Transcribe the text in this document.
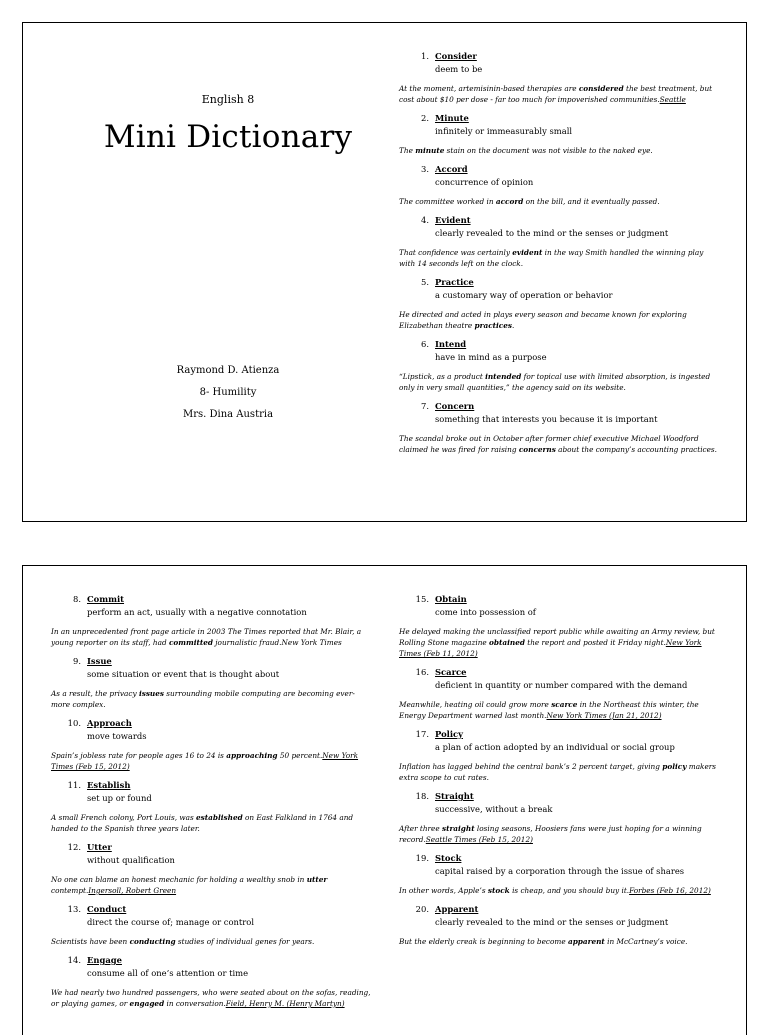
English 8
Mini Dictionary
Raymond D. Atienza
8- Humility
Mrs. Dina Austria
1. Consider
deem to be
At the moment, artemisinin-based therapies are considered the best treatment, but cost about $10 per dose - far too much for impoverished communities.Seattle
2. Minute
infinitely or immeasurably small
The minute stain on the document was not visible to the naked eye.
3. Accord
concurrence of opinion
The committee worked in accord on the bill, and it eventually passed.
4. Evident
clearly revealed to the mind or the senses or judgment
That confidence was certainly evident in the way Smith handled the winning play with 14 seconds left on the clock.
5. Practice
a customary way of operation or behavior
He directed and acted in plays every season and became known for exploring Elizabethan theatre practices.
6. Intend
have in mind as a purpose
“Lipstick, as a product intended for topical use with limited absorption, is ingested only in very small quantities,” the agency said on its website.
7. Concern
something that interests you because it is important
The scandal broke out in October after former chief executive Michael Woodford claimed he was fired for raising concerns about the company’s accounting practices.
8. Commit
perform an act, usually with a negative connotation
In an unprecedented front page article in 2003 The Times reported that Mr. Blair, a young reporter on its staff, had committed journalistic fraud.New York Times
9. Issue
some situation or event that is thought about
As a result, the privacy issues surrounding mobile computing are becoming ever-more complex.
10. Approach
move towards
Spain’s jobless rate for people ages 16 to 24 is approaching 50 percent.New York Times (Feb 15, 2012)
11. Establish
set up or found
A small French colony, Port Louis, was established on East Falkland in 1764 and handed to the Spanish three years later.
12. Utter
without qualification
No one can blame an honest mechanic for holding a wealthy snob in utter contempt.Ingersoll, Robert Green
13. Conduct
direct the course of; manage or control
Scientists have been conducting studies of individual genes for years.
14. Engage
consume all of one’s attention or time
We had nearly two hundred passengers, who were seated about on the sofas, reading, or playing games, or engaged in conversation.Field, Henry M. (Henry Martyn)
15. Obtain
come into possession of
He delayed making the unclassified report public while awaiting an Army review, but Rolling Stone magazine obtained the report and posted it Friday night.New York Times (Feb 11, 2012)
16. Scarce
deficient in quantity or number compared with the demand
Meanwhile, heating oil could grow more scarce in the Northeast this winter, the Energy Department warned last month.New York Times (Jan 21, 2012)
17. Policy
a plan of action adopted by an individual or social group
Inflation has lagged behind the central bank’s 2 percent target, giving policy makers extra scope to cut rates.
18. Straight
successive, without a break
After three straight losing seasons, Hoosiers fans were just hoping for a winning record.Seattle Times (Feb 15, 2012)
19. Stock
capital raised by a corporation through the issue of shares
In other words, Apple’s stock is cheap, and you should buy it.Forbes (Feb 16, 2012)
20. Apparent
clearly revealed to the mind or the senses or judgment
But the elderly creak is beginning to become apparent in McCartney’s voice.
